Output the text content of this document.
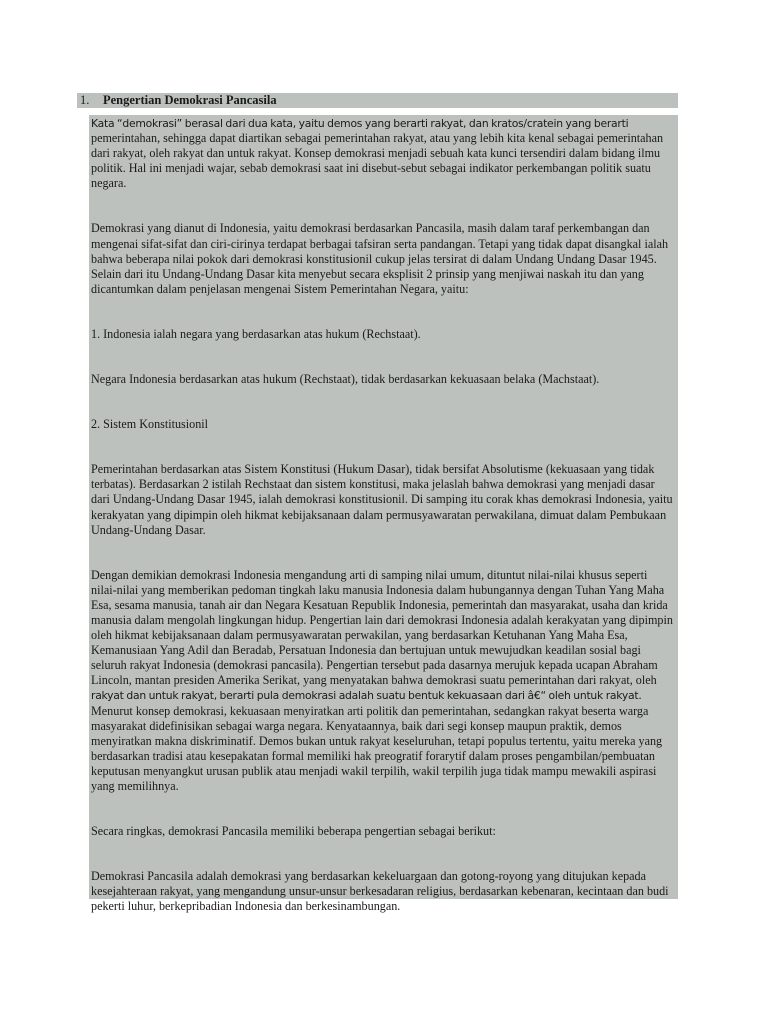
1. Pengertian Demokrasi Pancasila

Kata “demokrasi” berasal dari dua kata, yaitu demos yang berarti rakyat, dan kratos/cratein yang berarti pemerintahan, sehingga dapat diartikan sebagai pemerintahan rakyat, atau yang lebih kita kenal sebagai pemerintahan dari rakyat, oleh rakyat dan untuk rakyat. Konsep demokrasi menjadi sebuah kata kunci tersendiri dalam bidang ilmu politik. Hal ini menjadi wajar, sebab demokrasi saat ini disebut-sebut sebagai indikator perkembangan politik suatu negara.

Demokrasi yang dianut di Indonesia, yaitu demokrasi berdasarkan Pancasila, masih dalam taraf perkembangan dan mengenai sifat-sifat dan ciri-cirinya terdapat berbagai tafsiran serta pandangan. Tetapi yang tidak dapat disangkal ialah bahwa beberapa nilai pokok dari demokrasi konstitusionil cukup jelas tersirat di dalam Undang Undang Dasar 1945. Selain dari itu Undang-Undang Dasar kita menyebut secara eksplisit 2 prinsip yang menjiwai naskah itu dan yang dicantumkan dalam penjelasan mengenai Sistem Pemerintahan Negara, yaitu:

1. Indonesia ialah negara yang berdasarkan atas hukum (Rechstaat).

Negara Indonesia berdasarkan atas hukum (Rechstaat), tidak berdasarkan kekuasaan belaka (Machstaat).

2. Sistem Konstitusionil

Pemerintahan berdasarkan atas Sistem Konstitusi (Hukum Dasar), tidak bersifat Absolutisme (kekuasaan yang tidak terbatas). Berdasarkan 2 istilah Rechstaat dan sistem konstitusi, maka jelaslah bahwa demokrasi yang menjadi dasar dari Undang-Undang Dasar 1945, ialah demokrasi konstitusionil. Di samping itu corak khas demokrasi Indonesia, yaitu kerakyatan yang dipimpin oleh hikmat kebijaksanaan dalam permusyawaratan perwakilana, dimuat dalam Pembukaan Undang-Undang Dasar.

Dengan demikian demokrasi Indonesia mengandung arti di samping nilai umum, dituntut nilai-nilai khusus seperti nilai-nilai yang memberikan pedoman tingkah laku manusia Indonesia dalam hubungannya dengan Tuhan Yang Maha Esa, sesama manusia, tanah air dan Negara Kesatuan Republik Indonesia, pemerintah dan masyarakat, usaha dan krida manusia dalam mengolah lingkungan hidup. Pengertian lain dari demokrasi Indonesia adalah kerakyatan yang dipimpin oleh hikmat kebijaksanaan dalam permusyawaratan perwakilan, yang berdasarkan Ketuhanan Yang Maha Esa, Kemanusiaan Yang Adil dan Beradab, Persatuan Indonesia dan bertujuan untuk mewujudkan keadilan sosial bagi seluruh rakyat Indonesia (demokrasi pancasila). Pengertian tersebut pada dasarnya merujuk kepada ucapan Abraham Lincoln, mantan presiden Amerika Serikat, yang menyatakan bahwa demokrasi suatu pemerintahan dari rakyat, oleh rakyat dan untuk rakyat, berarti pula demokrasi adalah suatu bentuk kekuasaan dari â€“ oleh untuk rakyat. Menurut konsep demokrasi, kekuasaan menyiratkan arti politik dan pemerintahan, sedangkan rakyat beserta warga masyarakat didefinisikan sebagai warga negara. Kenyataannya, baik dari segi konsep maupun praktik, demos menyiratkan makna diskriminatif. Demos bukan untuk rakyat keseluruhan, tetapi populus tertentu, yaitu mereka yang berdasarkan tradisi atau kesepakatan formal memiliki hak preogratif forarytif dalam proses pengambilan/pembuatan keputusan menyangkut urusan publik atau menjadi wakil terpilih, wakil terpilih juga tidak mampu mewakili aspirasi yang memilihnya.

Secara ringkas, demokrasi Pancasila memiliki beberapa pengertian sebagai berikut:

Demokrasi Pancasila adalah demokrasi yang berdasarkan kekeluargaan dan gotong-royong yang ditujukan kepada kesejahteraan rakyat, yang mengandung unsur-unsur berkesadaran religius, berdasarkan kebenaran, kecintaan dan budi pekerti luhur, berkepribadian Indonesia dan berkesinambungan.
